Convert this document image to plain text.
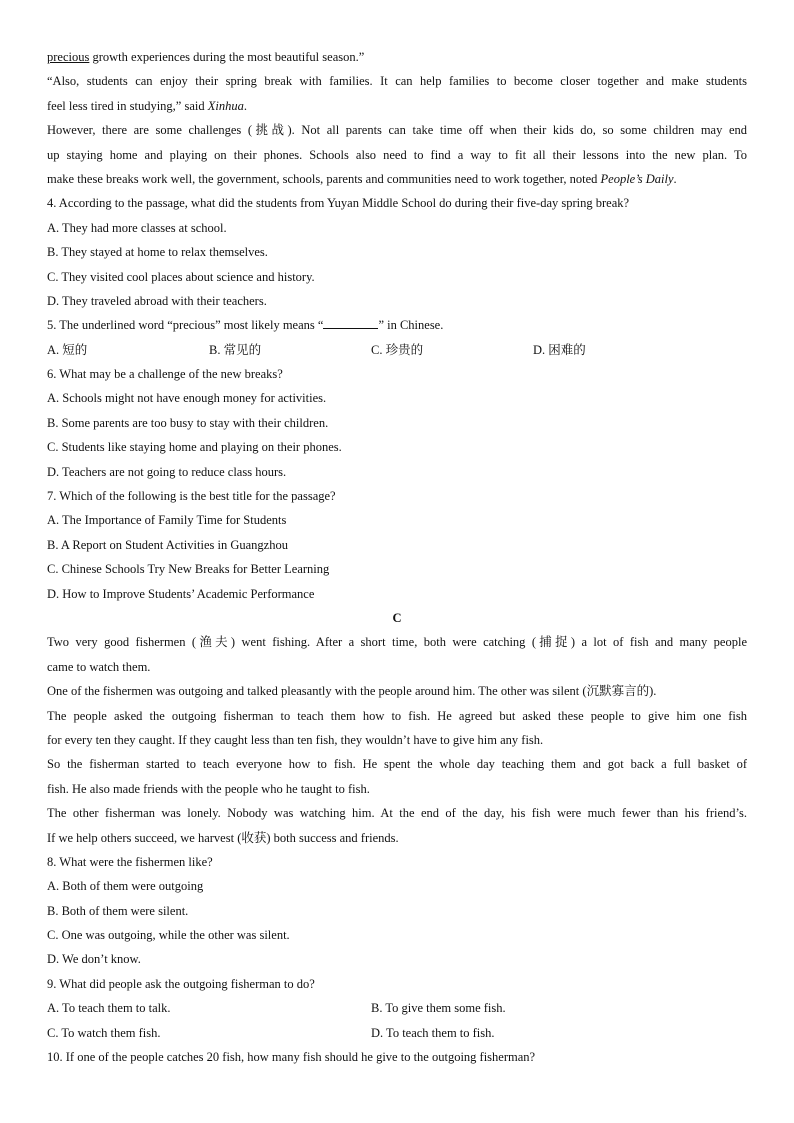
precious growth experiences during the most beautiful season.”
“Also, students can enjoy their spring break with families. It can help families to become closer together and make students
feel less tired in studying,” said Xinhua.
However, there are some challenges (挑战). Not all parents can take time off when their kids do, so some children may end
up staying home and playing on their phones. Schools also need to find a way to fit all their lessons into the new plan. To
make these breaks work well, the government, schools, parents and communities need to work together, noted People’s Daily.
4. According to the passage, what did the students from Yuyan Middle School do during their five-day spring break?
A. They had more classes at school.
B. They stayed at home to relax themselves.
C. They visited cool places about science and history.
D. They traveled abroad with their teachers.
5. The underlined word “precious” most likely means “	” in Chinese.
A. 短的	B. 常见的	C. 珍贵的	D. 困难的
6. What may be a challenge of the new breaks?
A. Schools might not have enough money for activities.
B. Some parents are too busy to stay with their children.
C. Students like staying home and playing on their phones.
D. Teachers are not going to reduce class hours.
7. Which of the following is the best title for the passage?
A. The Importance of Family Time for Students
B. A Report on Student Activities in Guangzhou
C. Chinese Schools Try New Breaks for Better Learning
D. How to Improve Students’ Academic Performance
C
Two very good fishermen (渔夫) went fishing. After a short time, both were catching (捕捉) a lot of fish and many people
came to watch them.
One of the fishermen was outgoing and talked pleasantly with the people around him. The other was silent (沉默寡言的).
The people asked the outgoing fisherman to teach them how to fish. He agreed but asked these people to give him one fish
for every ten they caught. If they caught less than ten fish, they wouldn’t have to give him any fish.
So the fisherman started to teach everyone how to fish. He spent the whole day teaching them and got back a full basket of
fish. He also made friends with the people who he taught to fish.
The other fisherman was lonely. Nobody was watching him. At the end of the day, his fish were much fewer than his friend’s.
If we help others succeed, we harvest (收获) both success and friends.
8. What were the fishermen like?
A. Both of them were outgoing
B. Both of them were silent.
C. One was outgoing, while the other was silent.
D. We don’t know.
9. What did people ask the outgoing fisherman to do?
A. To teach them to talk.	B. To give them some fish.
C. To watch them fish.	D. To teach them to fish.
10. If one of the people catches 20 fish, how many fish should he give to the outgoing fisherman?
